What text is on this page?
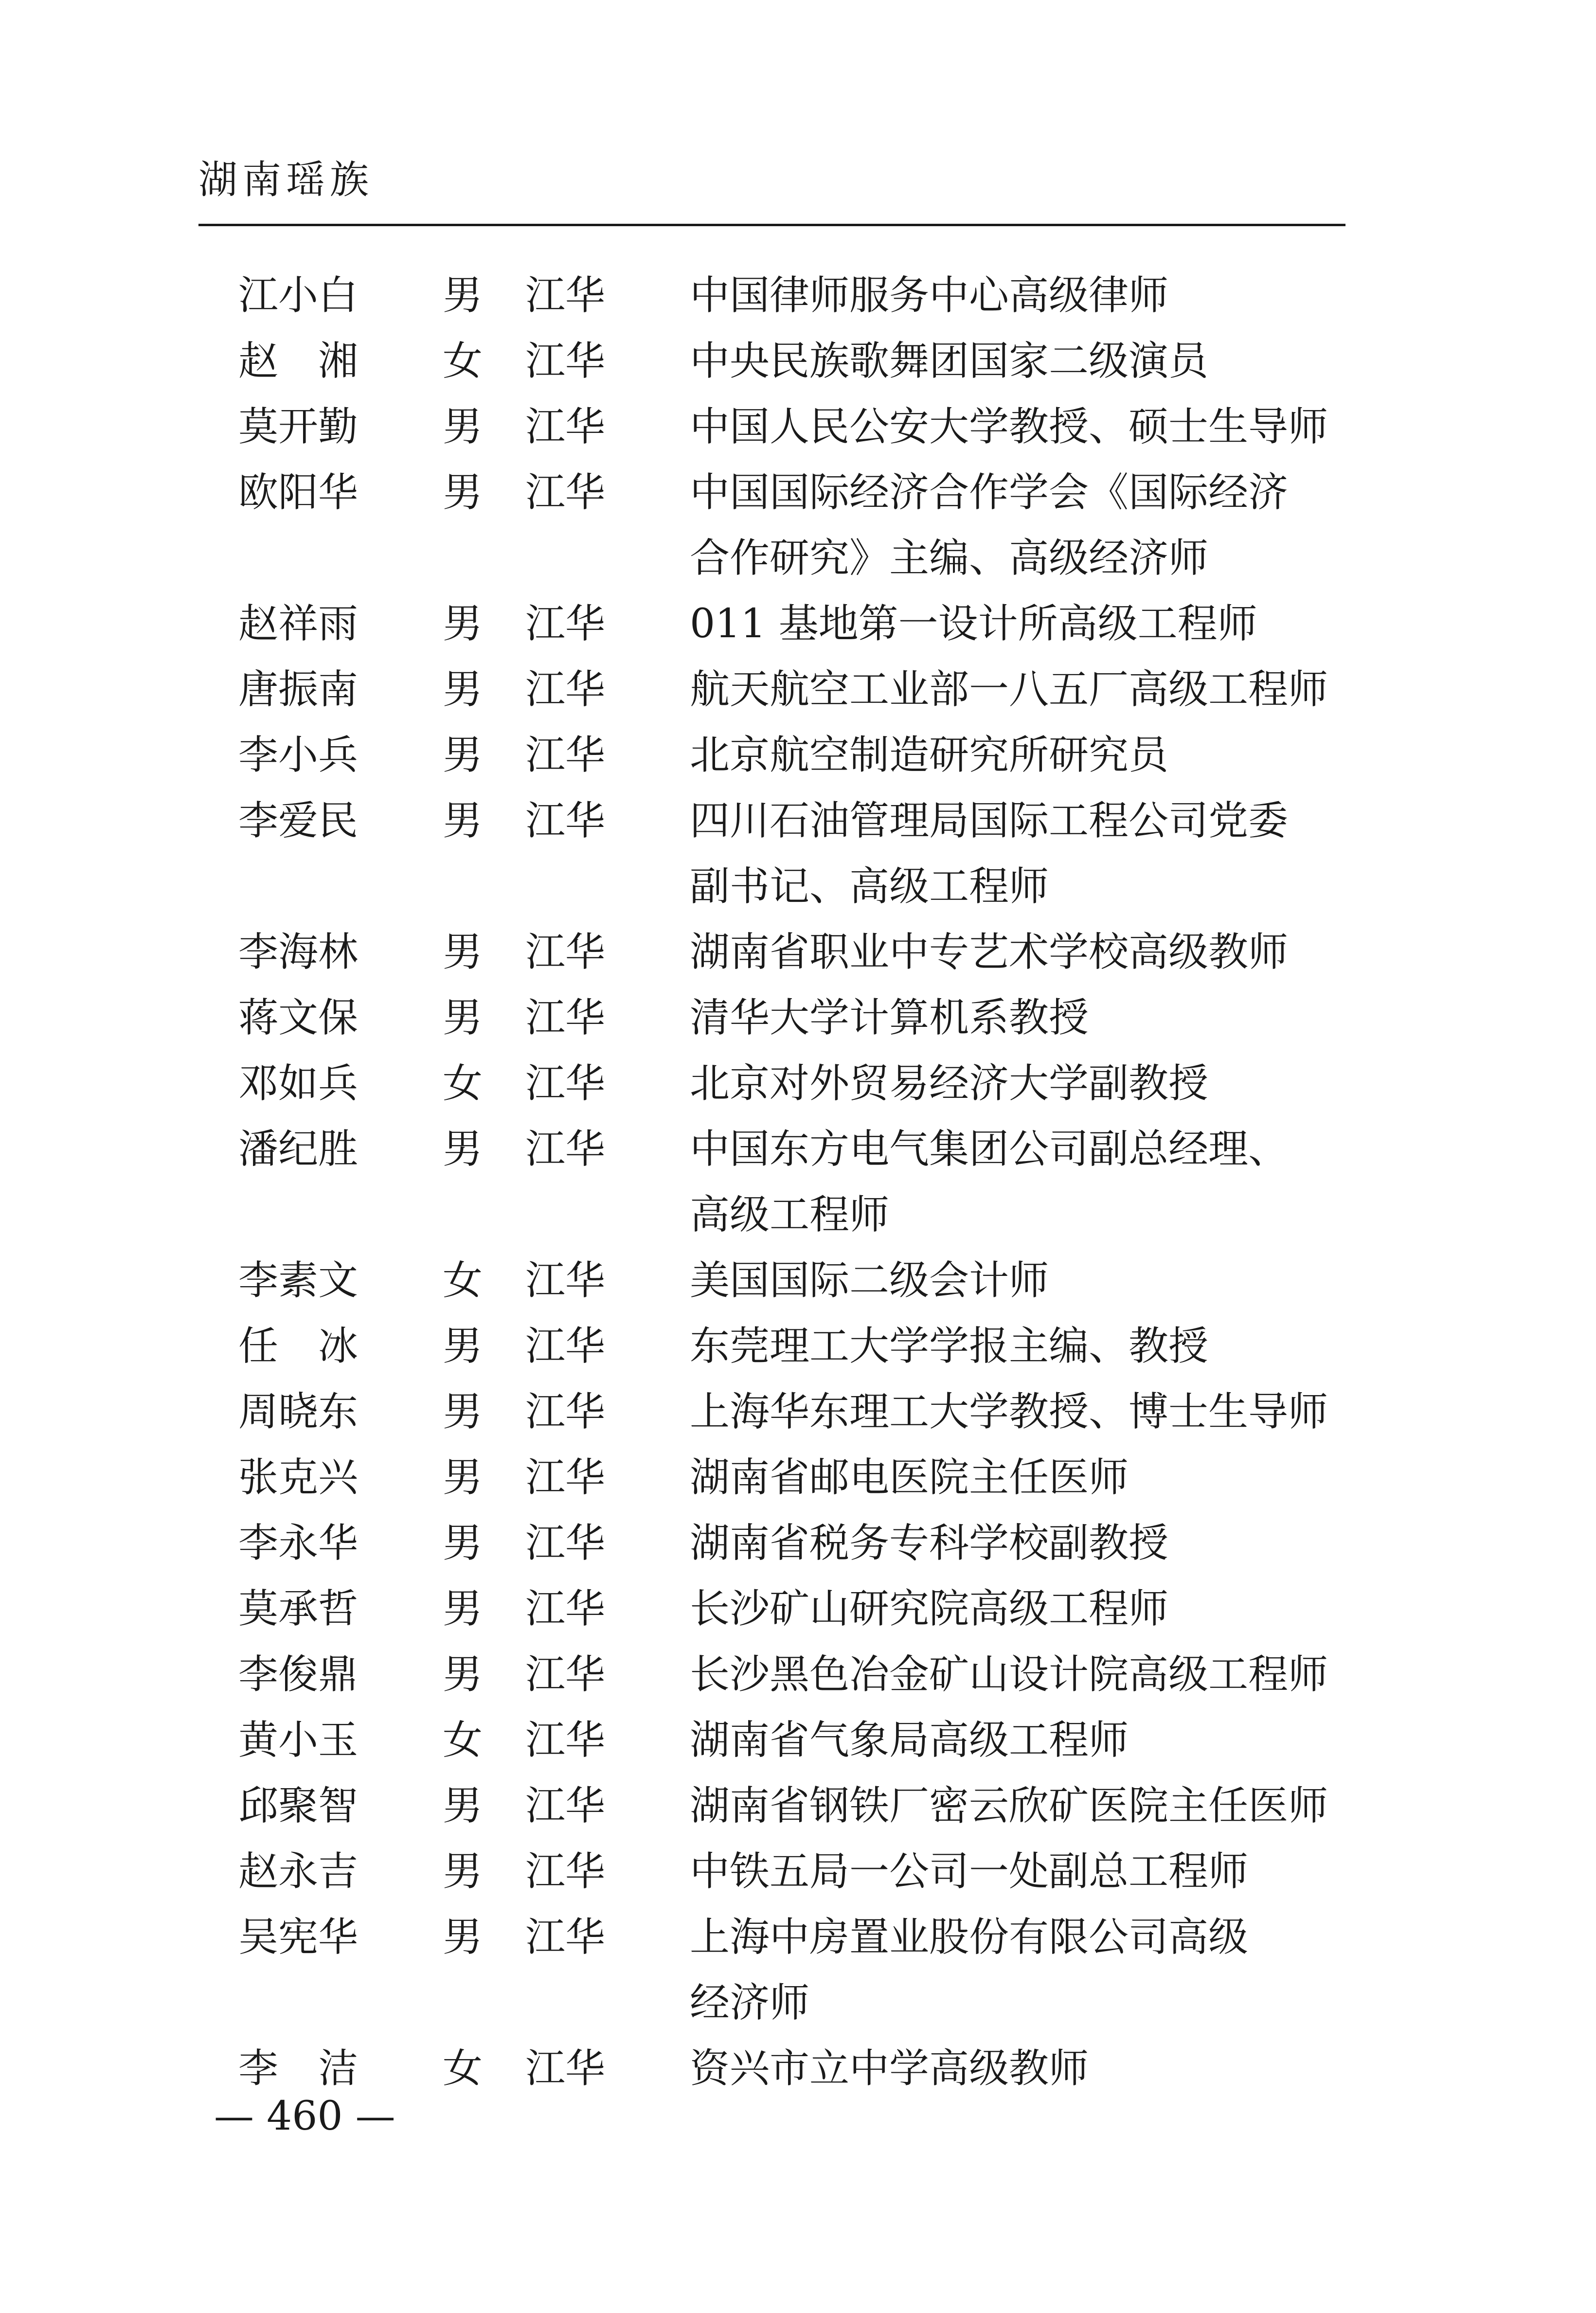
湖南瑶族
江小白 男 江华 中国律师服务中心高级律师
赵　湘 女 江华 中央民族歌舞团国家二级演员
莫开勤 男 江华 中国人民公安大学教授、硕士生导师
欧阳华 男 江华 中国国际经济合作学会《国际经济
合作研究》主编、高级经济师
赵祥雨 男 江华 011 基地第一设计所高级工程师
唐振南 男 江华 航天航空工业部一八五厂高级工程师
李小兵 男 江华 北京航空制造研究所研究员
李爱民 男 江华 四川石油管理局国际工程公司党委
副书记、高级工程师
李海林 男 江华 湖南省职业中专艺术学校高级教师
蒋文保 男 江华 清华大学计算机系教授
邓如兵 女 江华 北京对外贸易经济大学副教授
潘纪胜 男 江华 中国东方电气集团公司副总经理、
高级工程师
李素文 女 江华 美国国际二级会计师
任　冰 男 江华 东莞理工大学学报主编、教授
周晓东 男 江华 上海华东理工大学教授、博士生导师
张克兴 男 江华 湖南省邮电医院主任医师
李永华 男 江华 湖南省税务专科学校副教授
莫承哲 男 江华 长沙矿山研究院高级工程师
李俊鼎 男 江华 长沙黑色冶金矿山设计院高级工程师
黄小玉 女 江华 湖南省气象局高级工程师
邱聚智 男 江华 湖南省钢铁厂密云欣矿医院主任医师
赵永吉 男 江华 中铁五局一公司一处副总工程师
吴宪华 男 江华 上海中房置业股份有限公司高级
经济师
李　洁 女 江华 资兴市立中学高级教师
— 460 —
